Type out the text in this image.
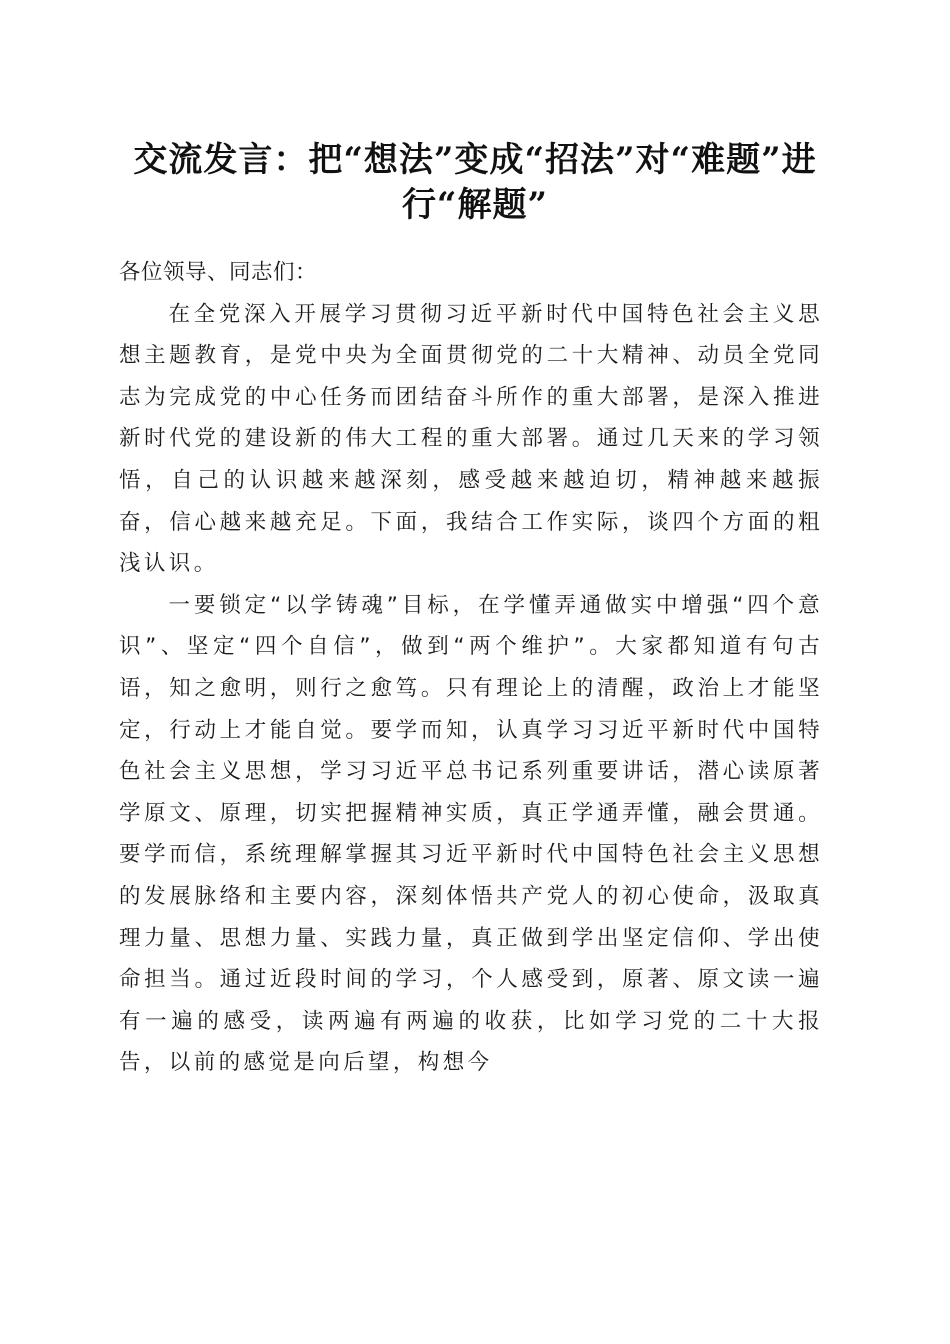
交流发言：把“想法”变成“招法”对“难题”进行“解题”

各位领导、同志们：

在全党深入开展学习贯彻习近平新时代中国特色社会主义思想主题教育，是党中央为全面贯彻党的二十大精神、动员全党同志为完成党的中心任务而团结奋斗所作的重大部署，是深入推进新时代党的建设新的伟大工程的重大部署。通过几天来的学习领悟，自己的认识越来越深刻，感受越来越迫切，精神越来越振奋，信心越来越充足。下面，我结合工作实际，谈四个方面的粗浅认识。

一要锁定“以学铸魂”目标，在学懂弄通做实中增强“四个意识”、坚定“四个自信”，做到“两个维护”。大家都知道有句古语，知之愈明，则行之愈笃。只有理论上的清醒，政治上才能坚定，行动上才能自觉。要学而知，认真学习习近平新时代中国特色社会主义思想，学习习近平总书记系列重要讲话，潜心读原著学原文、原理，切实把握精神实质，真正学通弄懂，融会贯通。要学而信，系统理解掌握其习近平新时代中国特色社会主义思想的发展脉络和主要内容，深刻体悟共产党人的初心使命，汲取真理力量、思想力量、实践力量，真正做到学出坚定信仰、学出使命担当。通过近段时间的学习，个人感受到，原著、原文读一遍有一遍的感受，读两遍有两遍的收获，比如学习党的二十大报告，以前的感觉是向后望，构想今
